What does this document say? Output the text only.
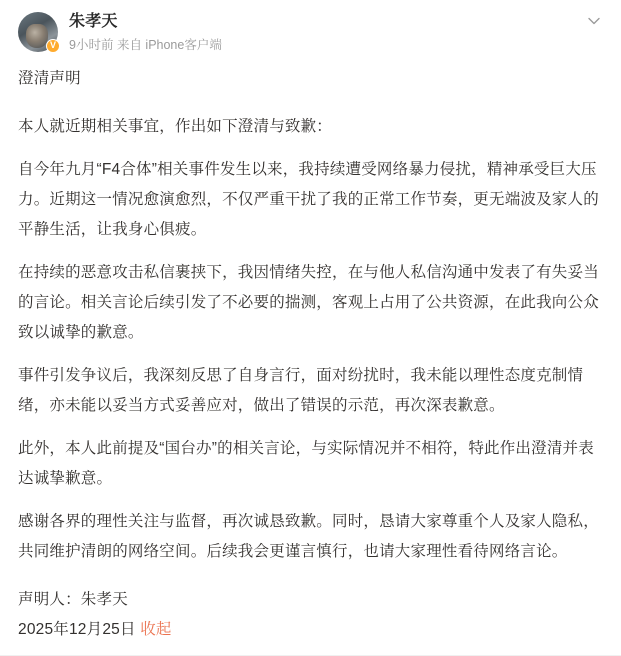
V
朱孝天
9小时前 来自 iPhone客户端

澄清声明

本人就近期相关事宜，作出如下澄清与致歉：

自今年九月“F4合体”相关事件发生以来，我持续遭受网络暴力侵扰，精神承受巨大压力。近期这一情况愈演愈烈，不仅严重干扰了我的正常工作节奏，更无端波及家人的平静生活，让我身心俱疲。

在持续的恶意攻击私信裹挟下，我因情绪失控，在与他人私信沟通中发表了有失妥当的言论。相关言论后续引发了不必要的揣测，客观上占用了公共资源，在此我向公众致以诚挚的歉意。

事件引发争议后，我深刻反思了自身言行，面对纷扰时，我未能以理性态度克制情绪，亦未能以妥当方式妥善应对，做出了错误的示范，再次深表歉意。

此外，本人此前提及“国台办”的相关言论，与实际情况并不相符，特此作出澄清并表达诚挚歉意。

感谢各界的理性关注与监督，再次诚恳致歉。同时，恳请大家尊重个人及家人隐私，共同维护清朗的网络空间。后续我会更谨言慎行，也请大家理性看待网络言论。

声明人：朱孝天

2025年12月25日 收起
